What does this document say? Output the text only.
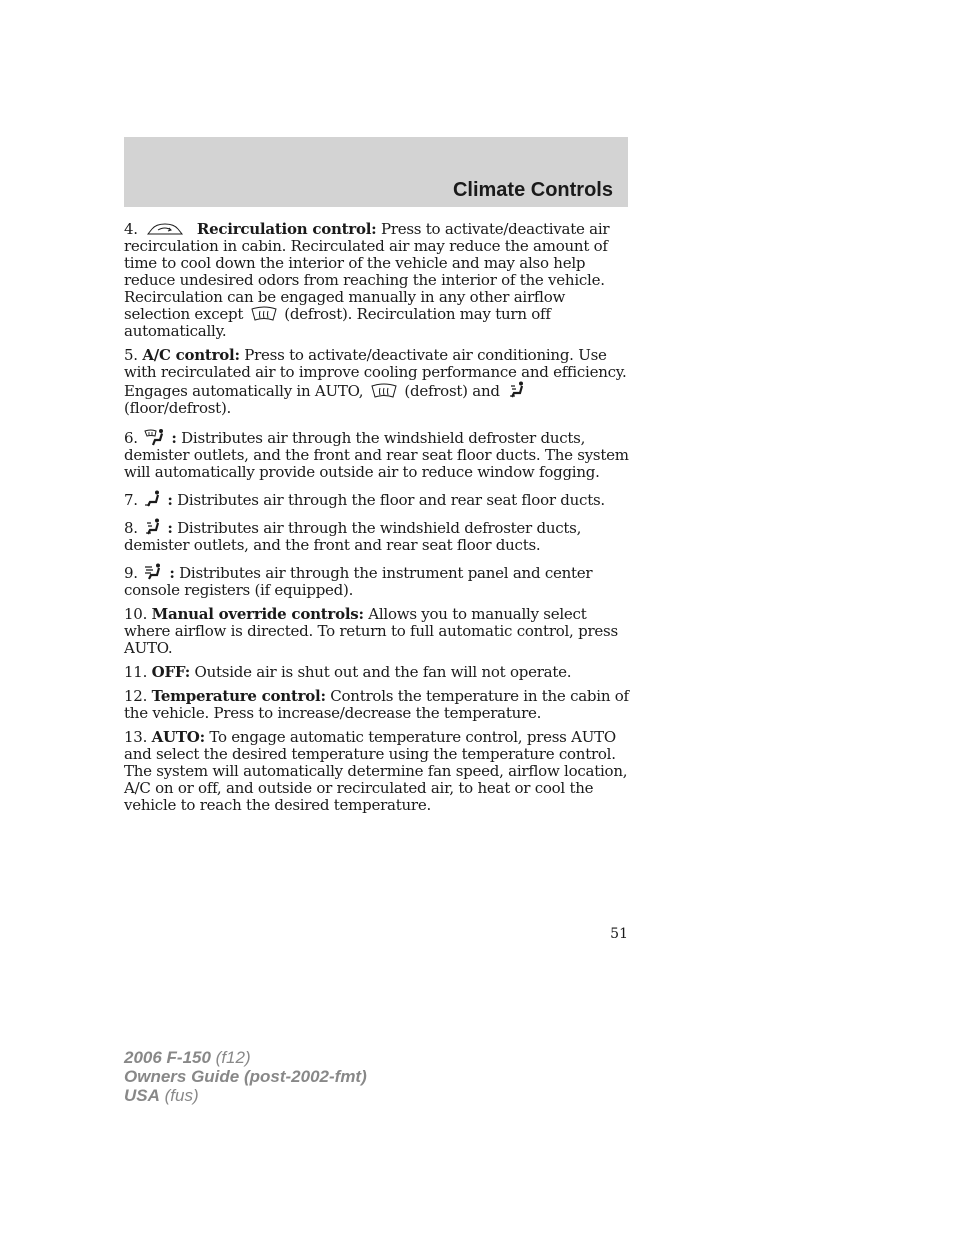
Climate Controls

4.	Recirculation control: Press to activate/deactivate air recirculation in cabin. Recirculated air may reduce the amount of time to cool down the interior of the vehicle and may also help reduce undesired odors from reaching the interior of the vehicle. Recirculation can be engaged manually in any other airflow selection except
(defrost). Recirculation may turn off automatically.

5. A/C control: Press to activate/deactivate air conditioning. Use with recirculated air to improve cooling performance and efficiency. Engages automatically in AUTO,
(defrost) and
(floor/defrost).

6.
: Distributes air through the windshield defroster ducts, demister outlets, and the front and rear seat floor ducts. The system will automatically provide outside air to reduce window fogging.

7.
: Distributes air through the floor and rear seat floor ducts.

8.
: Distributes air through the windshield defroster ducts, demister outlets, and the front and rear seat floor ducts.

9.
: Distributes air through the instrument panel and center console registers (if equipped).

10. Manual override controls: Allows you to manually select where airflow is directed. To return to full automatic control, press AUTO.

11. OFF: Outside air is shut out and the fan will not operate.

12. Temperature control: Controls the temperature in the cabin of the vehicle. Press to increase/decrease the temperature.

13. AUTO: To engage automatic temperature control, press AUTO and select the desired temperature using the temperature control. The system will automatically determine fan speed, airflow location, A/C on or off, and outside or recirculated air, to heat or cool the vehicle to reach the desired temperature.

51
2006 F-150 (f12)
Owners Guide (post-2002-fmt)
USA (fus)
